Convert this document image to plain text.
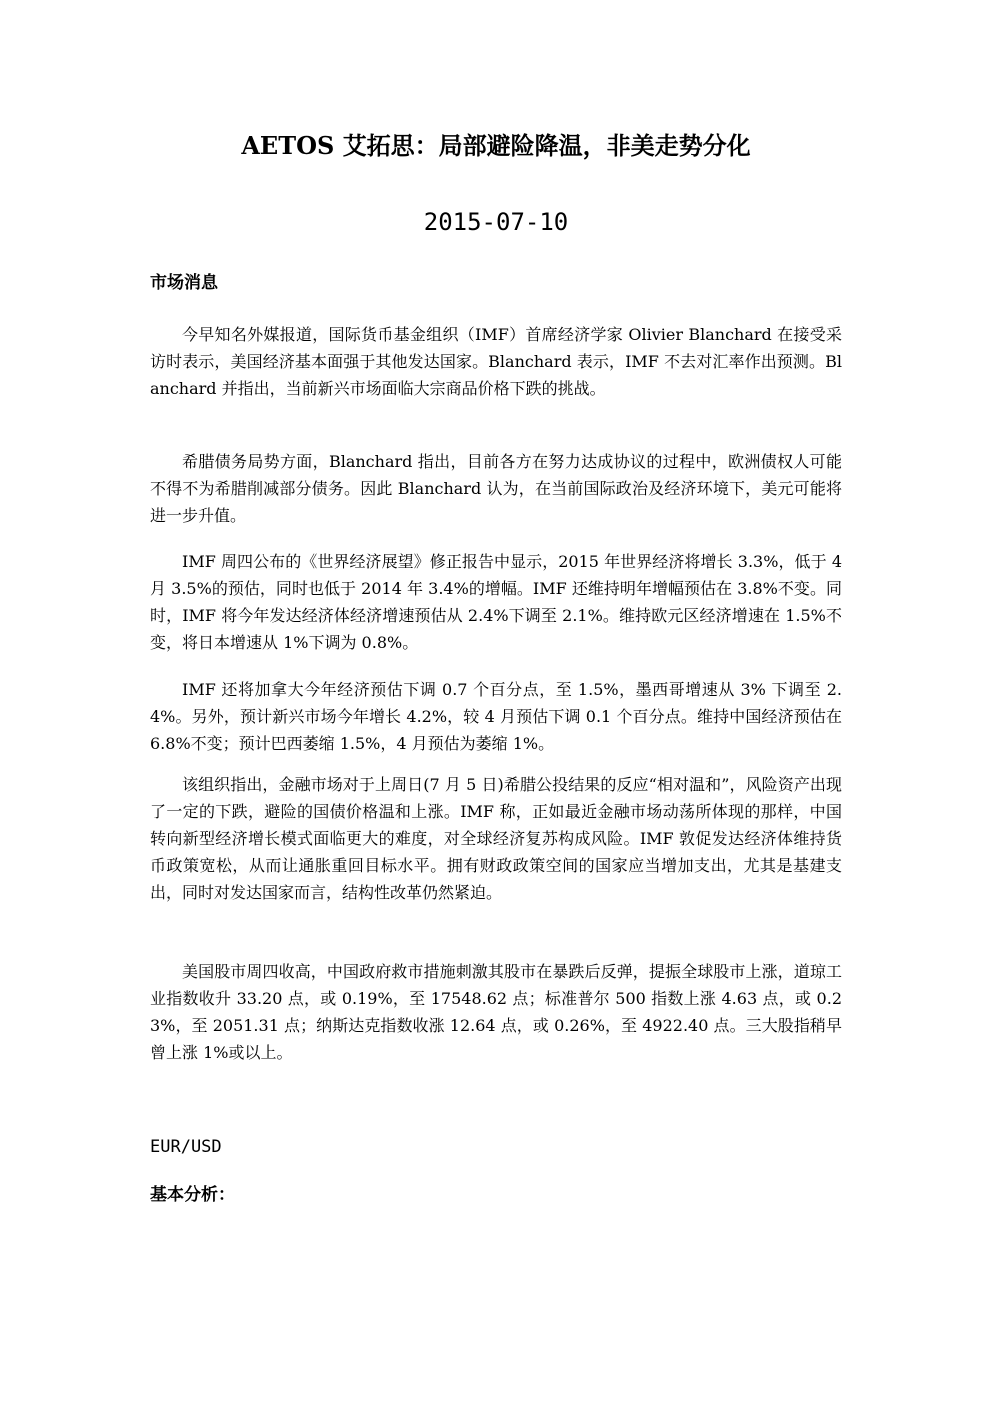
AETOS 艾拓思：局部避险降温，非美走势分化
2015-07-10
市场消息

今早知名外媒报道，国际货币基金组织（IMF）首席经济学家 Olivier Blanchard 在接受采访时表示，美国经济基本面强于其他发达国家。Blanchard 表示，IMF 不去对汇率作出预测。Blanchard 并指出，当前新兴市场面临大宗商品价格下跌的挑战。

希腊债务局势方面，Blanchard 指出，目前各方在努力达成协议的过程中，欧洲债权人可能不得不为希腊削减部分债务。因此 Blanchard 认为，在当前国际政治及经济环境下，美元可能将进一步升值。

IMF 周四公布的《世界经济展望》修正报告中显示，2015 年世界经济将增长 3.3%，低于 4 月 3.5%的预估，同时也低于 2014 年 3.4%的增幅。IMF 还维持明年增幅预估在 3.8%不变。同时，IMF 将今年发达经济体经济增速预估从 2.4%下调至 2.1%。维持欧元区经济增速在 1.5%不变，将日本增速从 1%下调为 0.8%。

IMF 还将加拿大今年经济预估下调 0.7 个百分点，至 1.5%，墨西哥增速从 3% 下调至 2.4%。另外，预计新兴市场今年增长 4.2%，较 4 月预估下调 0.1 个百分点。维持中国经济预估在 6.8%不变；预计巴西萎缩 1.5%，4 月预估为萎缩 1%。

该组织指出，金融市场对于上周日(7 月 5 日)希腊公投结果的反应“相对温和”，风险资产出现了一定的下跌，避险的国债价格温和上涨。IMF 称，正如最近金融市场动荡所体现的那样，中国转向新型经济增长模式面临更大的难度，对全球经济复苏构成风险。IMF 敦促发达经济体维持货币政策宽松，从而让通胀重回目标水平。拥有财政政策空间的国家应当增加支出，尤其是基建支出，同时对发达国家而言，结构性改革仍然紧迫。

美国股市周四收高，中国政府救市措施刺激其股市在暴跌后反弹，提振全球股市上涨，道琼工业指数收升 33.20 点，或 0.19%，至 17548.62 点；标准普尔 500 指数上涨 4.63 点，或 0.23%，至 2051.31 点；纳斯达克指数收涨 12.64 点，或 0.26%，至 4922.40 点。三大股指稍早曾上涨 1%或以上。

EUR/USD
基本分析：
